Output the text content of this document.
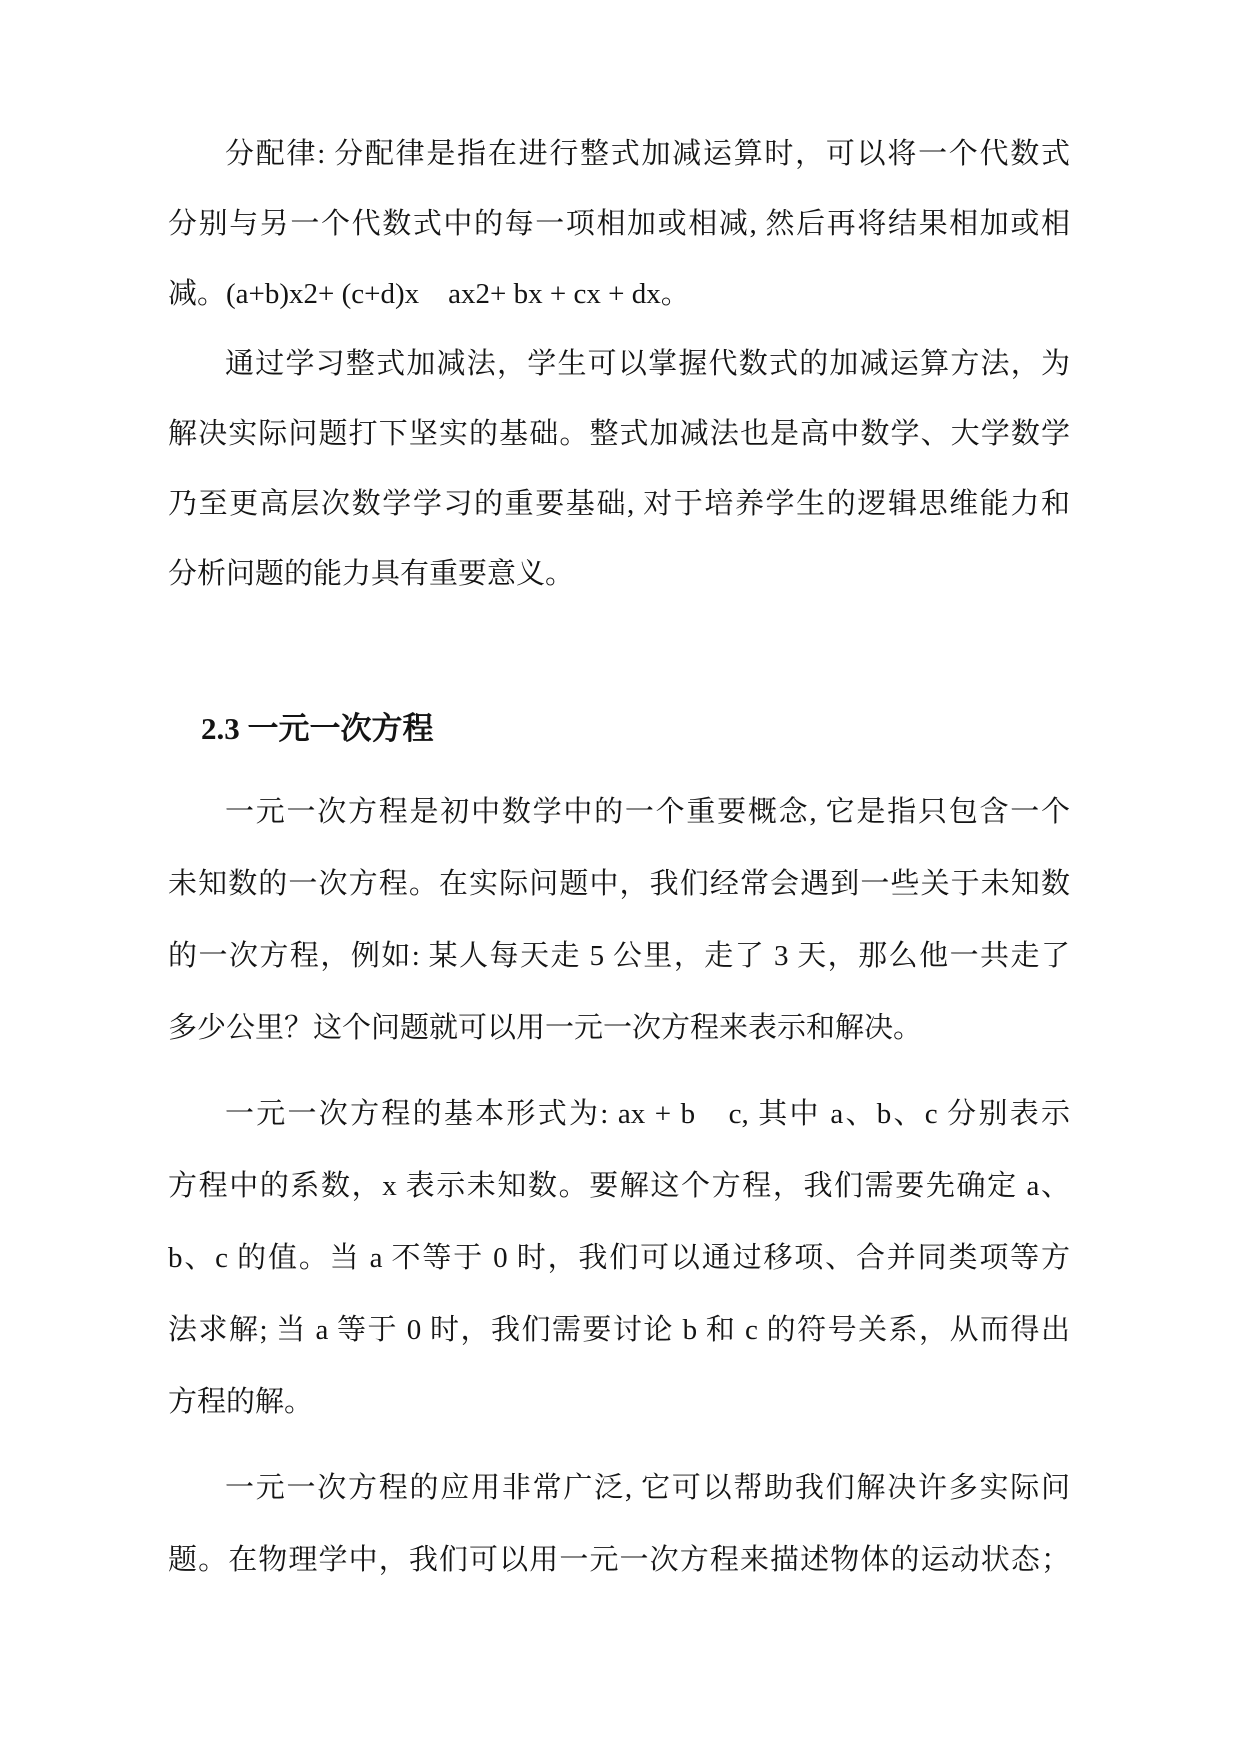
分配律: 分配律是指在进行整式加减运算时，可以将一个代数式
分别与另一个代数式中的每一项相加或相减, 然后再将结果相加或相
减。(a+b)x2+ (c+d)x　ax2+ bx + cx + dx。
通过学习整式加减法，学生可以掌握代数式的加减运算方法，为
解决实际问题打下坚实的基础。整式加减法也是高中数学、大学数学
乃至更高层次数学学习的重要基础, 对于培养学生的逻辑思维能力和
分析问题的能力具有重要意义。
2.3 一元一次方程
一元一次方程是初中数学中的一个重要概念, 它是指只包含一个
未知数的一次方程。在实际问题中，我们经常会遇到一些关于未知数
的一次方程，例如: 某人每天走 5 公里，走了 3 天，那么他一共走了
多少公里？这个问题就可以用一元一次方程来表示和解决。
一元一次方程的基本形式为: ax + b　c, 其中 a、b、c 分别表示
方程中的系数，x 表示未知数。要解这个方程，我们需要先确定 a、
b、c 的值。当 a 不等于 0 时，我们可以通过移项、合并同类项等方
法求解; 当 a 等于 0 时，我们需要讨论 b 和 c 的符号关系，从而得出
方程的解。
一元一次方程的应用非常广泛, 它可以帮助我们解决许多实际问
题。在物理学中，我们可以用一元一次方程来描述物体的运动状态；
